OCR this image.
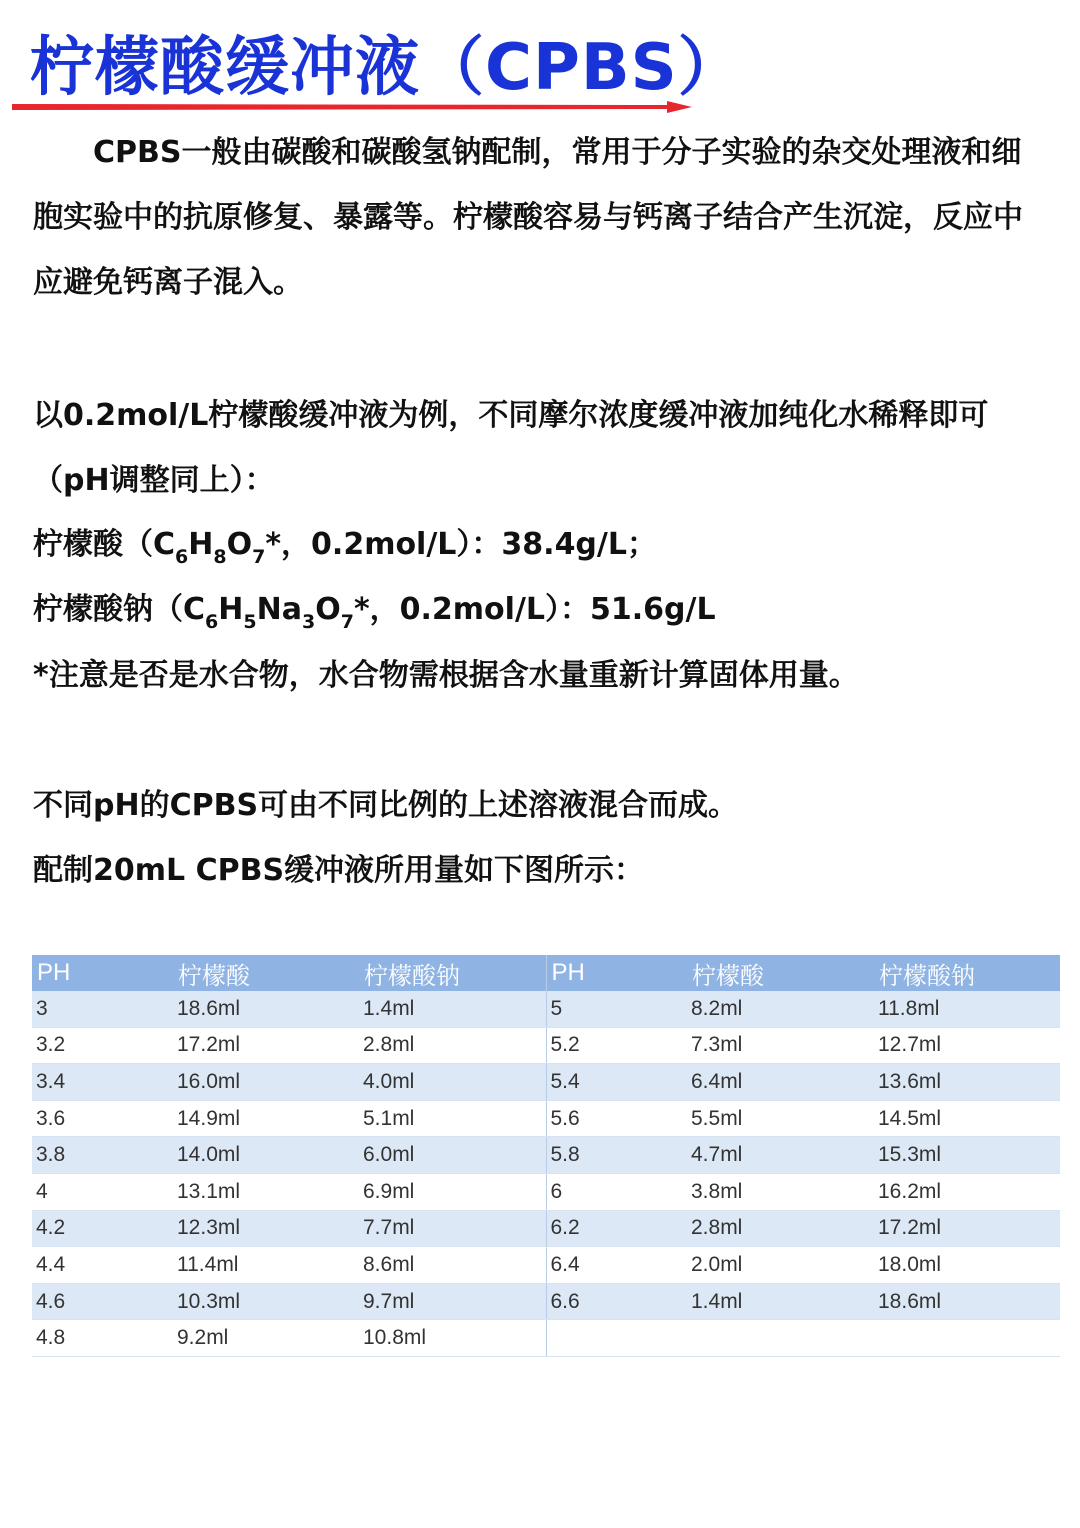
柠檬酸缓冲液（CPBS）

CPBS一般由碳酸和碳酸氢钠配制，常用于分子实验的杂交处理液和细胞实验中的抗原修复、暴露等。柠檬酸容易与钙离子结合产生沉淀，反应中应避免钙离子混入。

以0.2mol/L柠檬酸缓冲液为例，不同摩尔浓度缓冲液加纯化水稀释即可（pH调整同上）：

柠檬酸（$C_6H_8O_7*$，0.2mol/L）：38.4g/L；
柠檬酸钠（$C_6H_5Na_3O_7*$，0.2mol/L）：51.6g/L
*注意是否是水合物，水合物需根据含水量重新计算固体用量。
不同pH的CPBS可由不同比例的上述溶液混合而成。
配制20mL CPBS缓冲液所用量如下图所示：
PH	柠檬酸	柠檬酸钠	PH	柠檬酸	柠檬酸钠
3	18.6ml	1.4ml	5	8.2ml	11.8ml
3.2	17.2ml	2.8ml	5.2	7.3ml	12.7ml
3.4	16.0ml	4.0ml	5.4	6.4ml	13.6ml
3.6	14.9ml	5.1ml	5.6	5.5ml	14.5ml
3.8	14.0ml	6.0ml	5.8	4.7ml	15.3ml
4	13.1ml	6.9ml	6	3.8ml	16.2ml
4.2	12.3ml	7.7ml	6.2	2.8ml	17.2ml
4.4	11.4ml	8.6ml	6.4	2.0ml	18.0ml
4.6	10.3ml	9.7ml	6.6	1.4ml	18.6ml
4.8	9.2ml	10.8ml			
